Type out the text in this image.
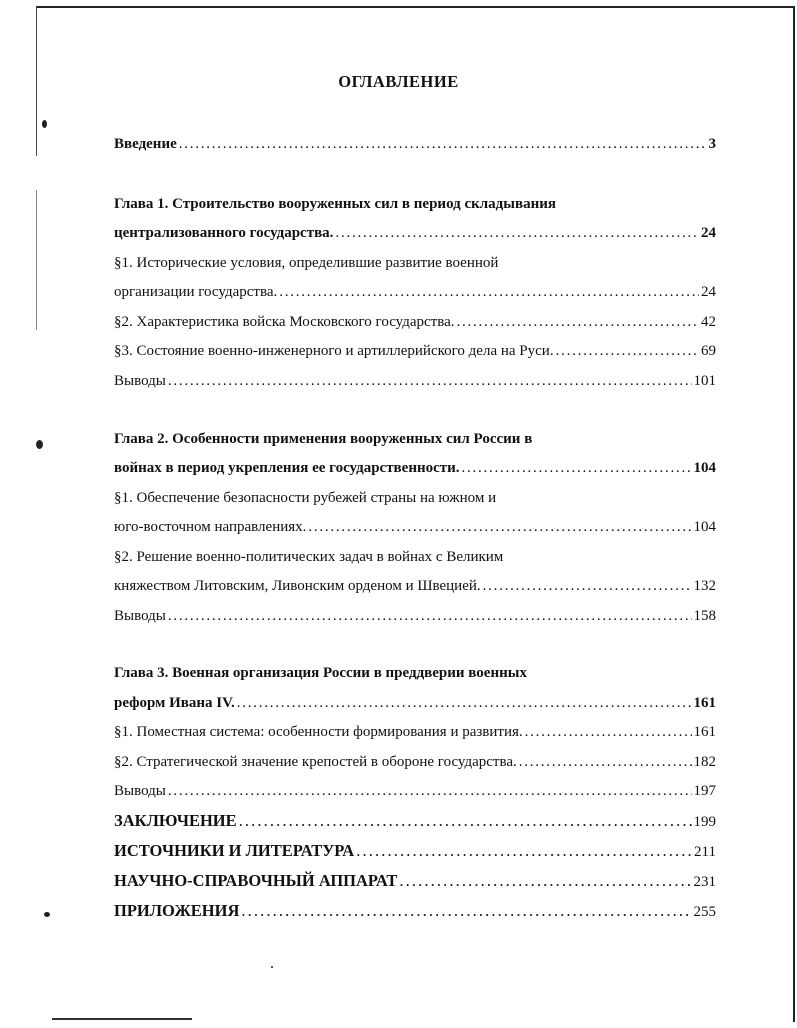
ОГЛАВЛЕНИЕ
Введение . . .	3
Глава 1. Строительство вооруженных сил в период складывания
централизованного государства. . . .	24
§1. Исторические условия, определившие развитие военной
организации государства. . . .	24
§2. Характеристика войска Московского государства. . . .	42
§3. Состояние военно-инженерного и артиллерийского дела на Руси. . . .	69
Выводы . . .	101
Глава 2. Особенности применения вооруженных сил России в
войнах в период укрепления ее государственности. . . .	104
§1. Обеспечение безопасности рубежей страны на южном и
юго-восточном направлениях. . . .	104
§2. Решение военно-политических задач в войнах с Великим
княжеством Литовским, Ливонским орденом и Швецией. . . .	132
Выводы . . .	158
Глава 3. Военная организация России в преддверии военных
реформ Ивана IV. . . .	161
§1. Поместная система: особенности формирования и развития. . . .	161
§2. Стратегической значение крепостей в обороне государства. . . .	182
Выводы . . .	197
ЗАКЛЮЧЕНИЕ . . .	199
ИСТОЧНИКИ И ЛИТЕРАТУРА . . .	211
НАУЧНО-СПРАВОЧНЫЙ АППАРАТ . . .	231
ПРИЛОЖЕНИЯ . . .	255
